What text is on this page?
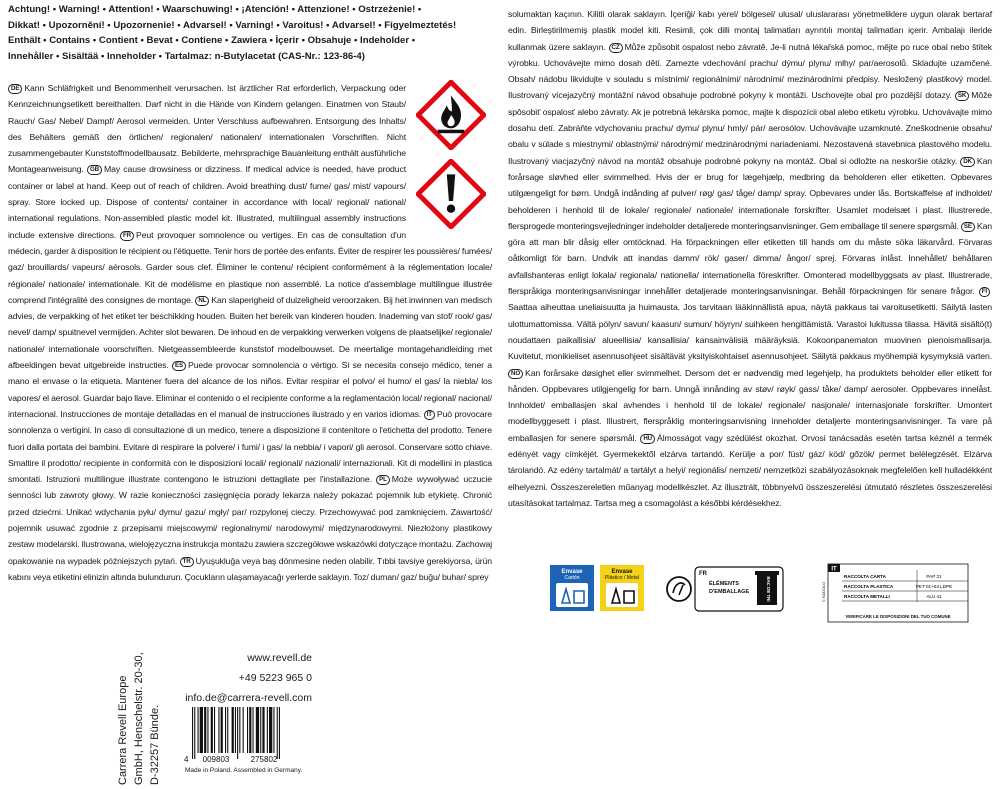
Achtung! • Warning! • Attention! • Waarschuwing! • ¡Atención! • Attenzione! • Ostrzeżenie! •
Dikkat! • Upozornění! • Upozornenie! • Advarsel! • Varning! • Varoitus! • Advarsel! • Figyelmeztetés!
Enthält • Contains • Contient • Bevat • Contiene • Zawiera • İçerir • Obsahuje • Indeholder •
Innehåller • Sisältää • Inneholder • Tartalmaz: n-Butylacetat (CAS-Nr.: 123-86-4)

DE Kann Schläfrigkeit und Benommenheit verursachen. Ist ärztlicher Rat erforderlich, Verpackung oder Kennzeichnungsetikett bereithalten. Darf nicht in die Hände von Kindern gelangen. Einatmen von Staub/ Rauch/ Gas/ Nebel/ Dampf/ Aerosol vermeiden. Unter Verschluss aufbewahren. Entsorgung des Inhalts/ des Behälters gemäß den örtlichen/ regionalen/ nationalen/ internationalen Vorschriften. Nicht zusammengebauter Kunststoffmodellbausatz. Bebilderte, mehrsprachige Bauanleitung enthält ausführliche Montageanweisung. GB May cause drowsiness or dizziness. If medical advice is needed, have product container or label at hand. Keep out of reach of children. Avoid breathing dust/ fume/ gas/ mist/ vapours/ spray. Store locked up. Dispose of contents/ container in accordance with local/ regional/ national/ international regulations. Non-assembled plastic model kit. Illustrated, multilingual assembly instructions include extensive directions. FR Peut provoquer somnolence ou vertiges. En cas de consultation d'un médecin, garder à disposition le récipient ou l'étiquette. Tenir hors de portée des enfants. Éviter de respirer les poussières/ fumées/ gaz/ brouillards/ vapeurs/ aérosols. Garder sous clef. Éliminer le contenu/ récipient conformément à la réglementation locale/ régionale/ nationale/ internationale. Kit de modélisme en plastique non assemblé. La notice d'assemblage multilingue illustrée comprend l'intégralité des consignes de montage. NL Kan slaperigheid of duizeligheid veroorzaken. Bij het inwinnen van medisch advies, de verpakking of het etiket ter beschikking houden. Buiten het bereik van kinderen houden. Inademing van stof/ rook/ gas/ nevel/ damp/ spuitnevel vermijden. Achter slot bewaren. De inhoud en de verpakking verwerken volgens de plaatselijke/ regionale/ nationale/ internationale voorschriften. Nietgeassembleerde kunststof modelbouwset. De meertalige montagehandleiding met afbeeldingen bevat uitgebreide instructies. ES Puede provocar somnolencia o vértigo. Si se necesita consejo médico, tener a mano el envase o la etiqueta. Mantener fuera del alcance de los niños. Evitar respirar el polvo/ el humo/ el gas/ la niebla/ los vapores/ el aerosol. Guardar bajo llave. Eliminar el contenido o el recipiente conforme a la reglamentación local/ regional/ nacional/ internacional. Instrucciones de montaje detalladas en el manual de instrucciones ilustrado y en varios idiomas. IT Può provocare sonnolenza o vertigini. In caso di consultazione di un medico, tenere a disposizione il contenitore o l'etichetta del prodotto. Tenere fuori dalla portata dei bambini. Evitare di respirare la polvere/ i fumi/ i gas/ la nebbia/ i vapori/ gli aerosol. Conservare sotto chiave. Smaltire il prodotto/ recipiente in conformità con le disposizioni locali/ regionali/ nazionali/ internazionali. Kit di modellini in plastica smontati. Istruzioni multilingue illustrate contengono le istruzioni dettagliate per l'installazione. PL Może wywoływać uczucie senności lub zawroty głowy. W razie konieczności zasięgnięcia porady lekarza należy pokazać pojemnik lub etykietę. Chronić przed dziećmi. Unikać wdychania pyłu/ dymu/ gazu/ mgły/ par/ rozpylonej cieczy. Przechowywać pod zamknięciem. Zawartość/ pojemnik usuwać zgodnie z przepisami miejscowymi/ regionalnymi/ narodowymi/ międzynarodowymi. Niezłożony plastikowy zestaw modelarski. Ilustrowana, wielojęzyczna instrukcja montażu zawiera szczegółowe wskazówki dotyczące montażu. Zachowaj opakowanie na wypadek późniejszych pytań. TR Uyuşukluğa veya baş dönmesine neden olabilir. Tıbbi tavsiye gerekiyorsa, ürün kabını veya etiketini elinizin altında bulundurun. Çocukların ulaşamayacağı yerlerde saklayın. Toz/ duman/ gaz/ buğu/ buhar/ sprey
solumaktan kaçının. Kilitli olarak saklayın. İçeriği/ kabı yerel/ bölgesel/ ulusal/ uluslararası yönetmeliklere uygun olarak bertaraf edin. Birleştirilmemiş plastik model kiti. Resimli, çok dilli montaj talimatları ayrıntılı montaj talimatları içerir. Ambalajı ileride kullanmak üzere saklayın. CZ Může způsobit ospalost nebo závratě. Je-li nutná lékařská pomoc, mějte po ruce obal nebo štítek výrobku. Uchovávejte mimo dosah dětí. Zamezte vdechování prachu/ dýmu/ plynu/ mlhy/ par/aerosolů. Skladujte uzamčené. Obsah/ nádobu likvidujte v souladu s místními/ regionálními/ národními/ mezinárodními předpisy. Nesložený plastikový model. Ilustrovaný vícejazyčný montážní návod obsahuje podrobné pokyny k montáži. Uschovejte obal pro pozdější dotazy. SK Môže spôsobiť ospalosť alebo závraty. Ak je potrebná lekárska pomoc, majte k dispozícii obal alebo etiketu výrobku. Uchovávajte mimo dosahu detí. Zabráňte vdychovaniu prachu/ dymu/ plynu/ hmly/ pár/ aerosólov. Uchovávajte uzamknuté. Zneškodnenie obsahu/ obalu v súlade s miestnymi/ oblastnými/ národnými/ medzinárodnými nariadeniami. Nezostavená stavebnica plastového modelu. Ilustrovaný viacjazyčný návod na montáž obsahuje podrobné pokyny na montáž. Obal si odložte na neskoršie otázky. DK Kan forårsage sløvhed eller svimmelhed. Hvis der er brug for lægehjælp, medbring da beholderen eller etiketten. Opbevares utilgængeligt for børn. Undgå indånding af pulver/ røg/ gas/ tåge/ damp/ spray. Opbevares under lås. Bortskaffelse af indholdet/ beholderen i henhold til de lokale/ regionale/ nationale/ internationale forskrifter. Usamlet modelsæt i plast. Illustrerede, flersprogede monteringsvejledninger indeholder detaljerede monteringsanvisninger. Gem emballage til senere spørgsmål. SE Kan göra att man blir dåsig eller omtöcknad. Ha förpackningen eller etiketten till hands om du måste söka läkarvård. Förvaras oåtkomligt för barn. Undvik att inandas damm/ rök/ gaser/ dimma/ ångor/ sprej. Förvaras inlåst. Innehållet/ behållaren avfallshanteras enligt lokala/ regionala/ nationella/ internationella föreskrifter. Omonterad modellbyggsats av plast. Illustrerade, flerspråkiga monteringsanvisningar innehåller detaljerade monteringsanvisningar. Behåll förpackningen för senare frågor. FISaattaa aiheuttaa uneliaisuutta ja huimausta. Jos tarvitaan lääkinnällistä apua, näytä pakkaus tai varoitusetiketti. Säilytä lasten ulottumattomissa. Vältä pölyn/ savun/ kaasun/ sumun/ höyryn/ suihkeen hengittämistä. Varastoi lukitussa tilassa. Hävitä sisältö(t) noudattaen paikallisia/ alueellisia/ kansallisia/ kansainvälisiä määräyksiä. Kokoonpanematon muovinen pienoismallisarja. Kuvitetut, monikieliset asennusohjeet sisältävät yksityiskohtaiset asennusohjeet. Säilytä pakkaus myöhempiä kysymyksiä varten. NO Kan forårsake døsighet eller svimmelhet. Dersom det er nødvendig med legehjelp, ha produktets beholder eller etikett for hånden. Oppbevares utilgjengelig for barn. Unngå innånding av støv/ røyk/ gass/ tåke/ damp/ aerosoler. Oppbevares innelåst. Innholdet/ emballasjen skal avhendes i henhold til de lokale/ regionale/ nasjonale/ internasjonale forskrifter. Umontert modellbyggesett i plast. Illustrert, flerspråklig monteringsanvisning inneholder detaljerte monteringsanvisninger. Ta vare på emballasjen for senere spørsmål. HU Álmosságot vagy szédülést okozhat. Orvosi tanácsadás esetén tartsa kéznél a termék edényét vagy címkéjét. Gyermekektől elzárva tartandó. Kerülje a por/ füst/ gáz/ köd/ gőzök/ permet belélegzését. Elzárva tárolandó. Az edény tartalmát/ a tartályt a helyi/ regionális/ nemzeti/ nemzetközi szabályozásoknak megfelelően kell hulladékként elhelyezni. Összeszereletlen műanyag modellkészlet. Az illusztrált, többnyelvű összeszerelési útmutató részletes összeszerelési utasításokat tartalmaz. Tartsa meg a csomagolást a későbbi kérdésekhez.
Envase
Cartón
Envase
Plástico / Metal
FR
ÉLÉMENTS
D'EMBALLAGE	BAC DE TRI
IT
RACCOLTA CARTA	PAP 21
RACCOLTA PLASTICA	PET 01+04 LDPE
RACCOLTA METALLI	ALU 41
VERIFICARE LE DISPOSIZIONI DEL TUO COMUNE
© NUDOLO
Carrera Revell Europe GmbH, Henschelstr. 20-30, D-32257 Bünde.
www.revell.de
+49 5223 965 0
info.de@carrera-revell.com
4 009803	275802
Made in Poland. Assembled in Germany.
